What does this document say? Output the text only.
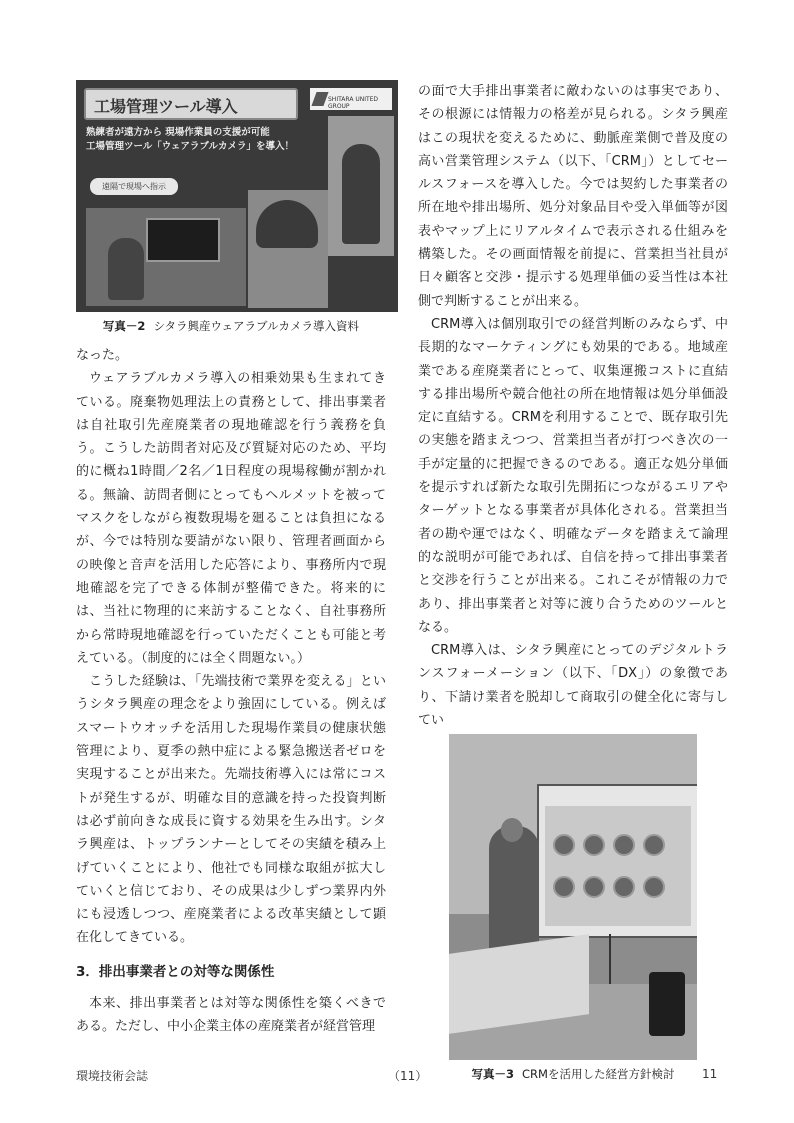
工場管理ツール導入	SHITARA UNITED GROUP
熟練者が遠方から 現場作業員の支援が可能
工場管理ツール「ウェアラブルカメラ」を導入！
遠隔で現場へ指示
写真－2 シタラ興産ウェアラブルカメラ導入資料

なった。

ウェアラブルカメラ導入の相乗効果も生まれてきている。廃棄物処理法上の責務として、排出事業者は自社取引先産廃業者の現地確認を行う義務を負う。こうした訪問者対応及び質疑対応のため、平均的に概ね1時間／2名／1日程度の現場稼働が割かれる。無論、訪問者側にとってもヘルメットを被ってマスクをしながら複数現場を廻ることは負担になるが、今では特別な要請がない限り、管理者画面からの映像と音声を活用した応答により、事務所内で現地確認を完了できる体制が整備できた。将来的には、当社に物理的に来訪することなく、自社事務所から常時現地確認を行っていただくことも可能と考えている。（制度的には全く問題ない。）

こうした経験は、「先端技術で業界を変える」というシタラ興産の理念をより強固にしている。例えばスマートウオッチを活用した現場作業員の健康状態管理により、夏季の熱中症による緊急搬送者ゼロを実現することが出来た。先端技術導入には常にコストが発生するが、明確な目的意識を持った投資判断は必ず前向きな成長に資する効果を生み出す。シタラ興産は、トップランナーとしてその実績を積み上げていくことにより、他社でも同様な取組が拡大していくと信じており、その成果は少しずつ業界内外にも浸透しつつ、産廃業者による改革実績として顕在化してきている。

3．排出事業者との対等な関係性

本来、排出事業者とは対等な関係性を築くべきである。ただし、中小企業主体の産廃業者が経営管理

の面で大手排出事業者に敵わないのは事実であり、その根源には情報力の格差が見られる。シタラ興産はこの現状を変えるために、動脈産業側で普及度の高い営業管理システム（以下、「CRM」）としてセールスフォースを導入した。今では契約した事業者の所在地や排出場所、処分対象品目や受入単価等が図表やマップ上にリアルタイムで表示される仕組みを構築した。その画面情報を前提に、営業担当社員が日々顧客と交渉・提示する処理単価の妥当性は本社側で判断することが出来る。

CRM導入は個別取引での経営判断のみならず、中長期的なマーケティングにも効果的である。地域産業である産廃業者にとって、収集運搬コストに直結する排出場所や競合他社の所在地情報は処分単価設定に直結する。CRMを利用することで、既存取引先の実態を踏まえつつ、営業担当者が打つべき次の一手が定量的に把握できるのである。適正な処分単価を提示すれば新たな取引先開拓につながるエリアやターゲットとなる事業者が具体化される。営業担当者の勘や運ではなく、明確なデータを踏まえて論理的な説明が可能であれば、自信を持って排出事業者と交渉を行うことが出来る。これこそが情報の力であり、排出事業者と対等に渡り合うためのツールとなる。

CRM導入は、シタラ興産にとってのデジタルトランスフォーメーション（以下、「DX」）の象徴であり、下請け業者を脱却して商取引の健全化に寄与してい

写真－3 CRMを活用した経営方針検討
環境技術会誌	（11）	11
